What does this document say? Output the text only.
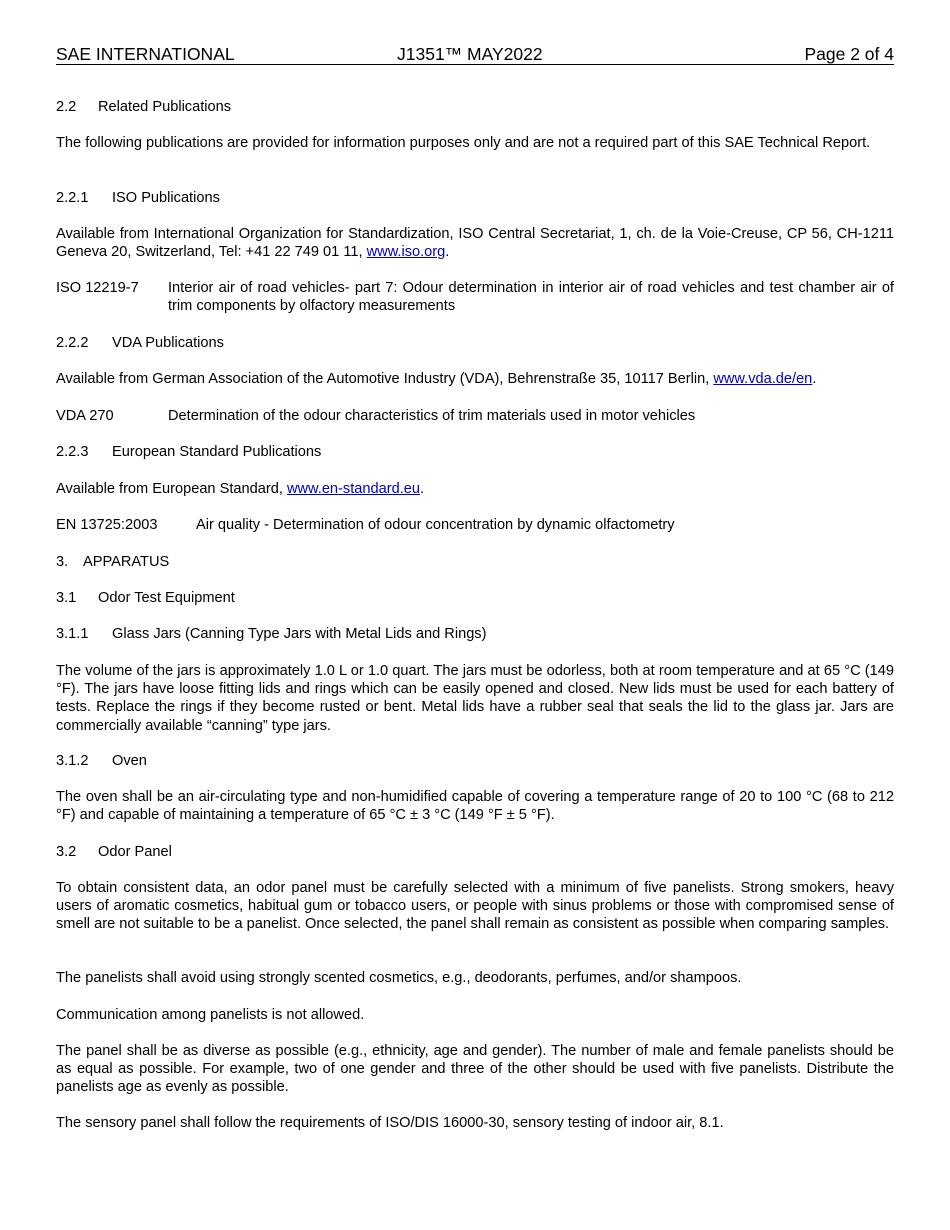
SAE INTERNATIONAL	J1351™ MAY2022	Page 2 of 4
2.2	Related Publications
The following publications are provided for information purposes only and are not a required part of this SAE Technical Report.
2.2.1	ISO Publications
Available from International Organization for Standardization, ISO Central Secretariat, 1, ch. de la Voie-Creuse, CP 56, CH-1211 Geneva 20, Switzerland, Tel: +41 22 749 01 11, www.iso.org.
ISO 12219-7	Interior air of road vehicles- part 7: Odour determination in interior air of road vehicles and test chamber air of trim components by olfactory measurements
2.2.2	VDA Publications
Available from German Association of the Automotive Industry (VDA), Behrenstraße 35, 10117 Berlin, www.vda.de/en.
VDA 270	Determination of the odour characteristics of trim materials used in motor vehicles
2.2.3	European Standard Publications
Available from European Standard, www.en-standard.eu.
EN 13725:2003	Air quality - Determination of odour concentration by dynamic olfactometry
3.	APPARATUS
3.1	Odor Test Equipment
3.1.1	Glass Jars (Canning Type Jars with Metal Lids and Rings)
The volume of the jars is approximately 1.0 L or 1.0 quart. The jars must be odorless, both at room temperature and at 65 °C (149 °F). The jars have loose fitting lids and rings which can be easily opened and closed. New lids must be used for each battery of tests. Replace the rings if they become rusted or bent. Metal lids have a rubber seal that seals the lid to the glass jar. Jars are commercially available “canning” type jars.
3.1.2	Oven
The oven shall be an air-circulating type and non-humidified capable of covering a temperature range of 20 to 100 °C (68 to 212 °F) and capable of maintaining a temperature of 65 °C ± 3 °C (149 °F ± 5 °F).
3.2	Odor Panel
To obtain consistent data, an odor panel must be carefully selected with a minimum of five panelists. Strong smokers, heavy users of aromatic cosmetics, habitual gum or tobacco users, or people with sinus problems or those with compromised sense of smell are not suitable to be a panelist. Once selected, the panel shall remain as consistent as possible when comparing samples.
The panelists shall avoid using strongly scented cosmetics, e.g., deodorants, perfumes, and/or shampoos.
Communication among panelists is not allowed.
The panel shall be as diverse as possible (e.g., ethnicity, age and gender). The number of male and female panelists should be as equal as possible. For example, two of one gender and three of the other should be used with five panelists. Distribute the panelists age as evenly as possible.
The sensory panel shall follow the requirements of ISO/DIS 16000-30, sensory testing of indoor air, 8.1.
